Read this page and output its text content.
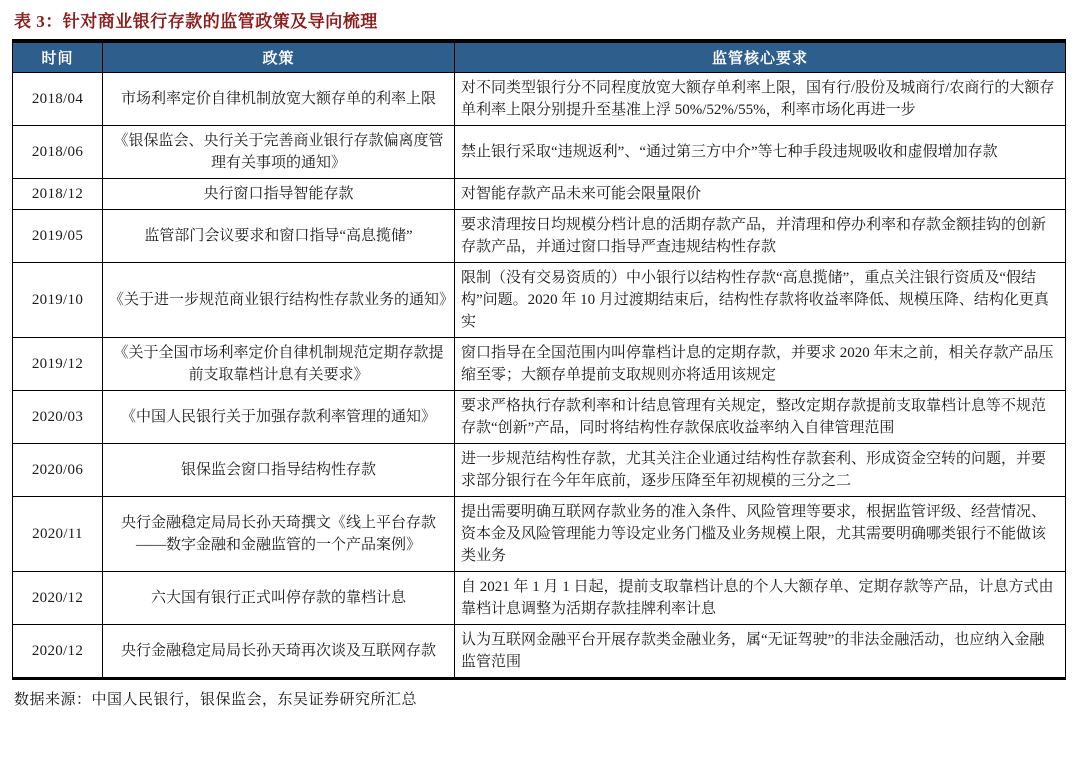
表 3：针对商业银行存款的监管政策及导向梳理
时间	政策	监管核心要求
2018/04	市场利率定价自律机制放宽大额存单的利率上限	对不同类型银行分不同程度放宽大额存单利率上限，国有行/股份及城商行/农商行的大额存单利率上限分别提升至基准上浮 50%/52%/55%，利率市场化再进一步
2018/06	《银保监会、央行关于完善商业银行存款偏离度管理有关事项的通知》	禁止银行采取“违规返利”、“通过第三方中介”等七种手段违规吸收和虚假增加存款
2018/12	央行窗口指导智能存款	对智能存款产品未来可能会限量限价
2019/05	监管部门会议要求和窗口指导“高息揽储”	要求清理按日均规模分档计息的活期存款产品，并清理和停办利率和存款金额挂钩的创新存款产品，并通过窗口指导严查违规结构性存款
2019/10	《关于进一步规范商业银行结构性存款业务的通知》	限制（没有交易资质的）中小银行以结构性存款“高息揽储”，重点关注银行资质及“假结构”问题。2020 年 10 月过渡期结束后，结构性存款将收益率降低、规模压降、结构化更真实
2019/12	《关于全国市场利率定价自律机制规范定期存款提前支取靠档计息有关要求》	窗口指导在全国范围内叫停靠档计息的定期存款，并要求 2020 年末之前，相关存款产品压缩至零；大额存单提前支取规则亦将适用该规定
2020/03	《中国人民银行关于加强存款利率管理的通知》	要求严格执行存款利率和计结息管理有关规定，整改定期存款提前支取靠档计息等不规范存款“创新”产品，同时将结构性存款保底收益率纳入自律管理范围
2020/06	银保监会窗口指导结构性存款	进一步规范结构性存款，尤其关注企业通过结构性存款套利、形成资金空转的问题，并要求部分银行在今年年底前，逐步压降至年初规模的三分之二
2020/11	央行金融稳定局局长孙天琦撰文《线上平台存款——数字金融和金融监管的一个产品案例》	提出需要明确互联网存款业务的准入条件、风险管理等要求，根据监管评级、经营情况、资本金及风险管理能力等设定业务门槛及业务规模上限，尤其需要明确哪类银行不能做该类业务
2020/12	六大国有银行正式叫停存款的靠档计息	自 2021 年 1 月 1 日起，提前支取靠档计息的个人大额存单、定期存款等产品，计息方式由靠档计息调整为活期存款挂牌利率计息
2020/12	央行金融稳定局局长孙天琦再次谈及互联网存款	认为互联网金融平台开展存款类金融业务，属“无证驾驶”的非法金融活动，也应纳入金融监管范围
数据来源：中国人民银行，银保监会，东吴证券研究所汇总
